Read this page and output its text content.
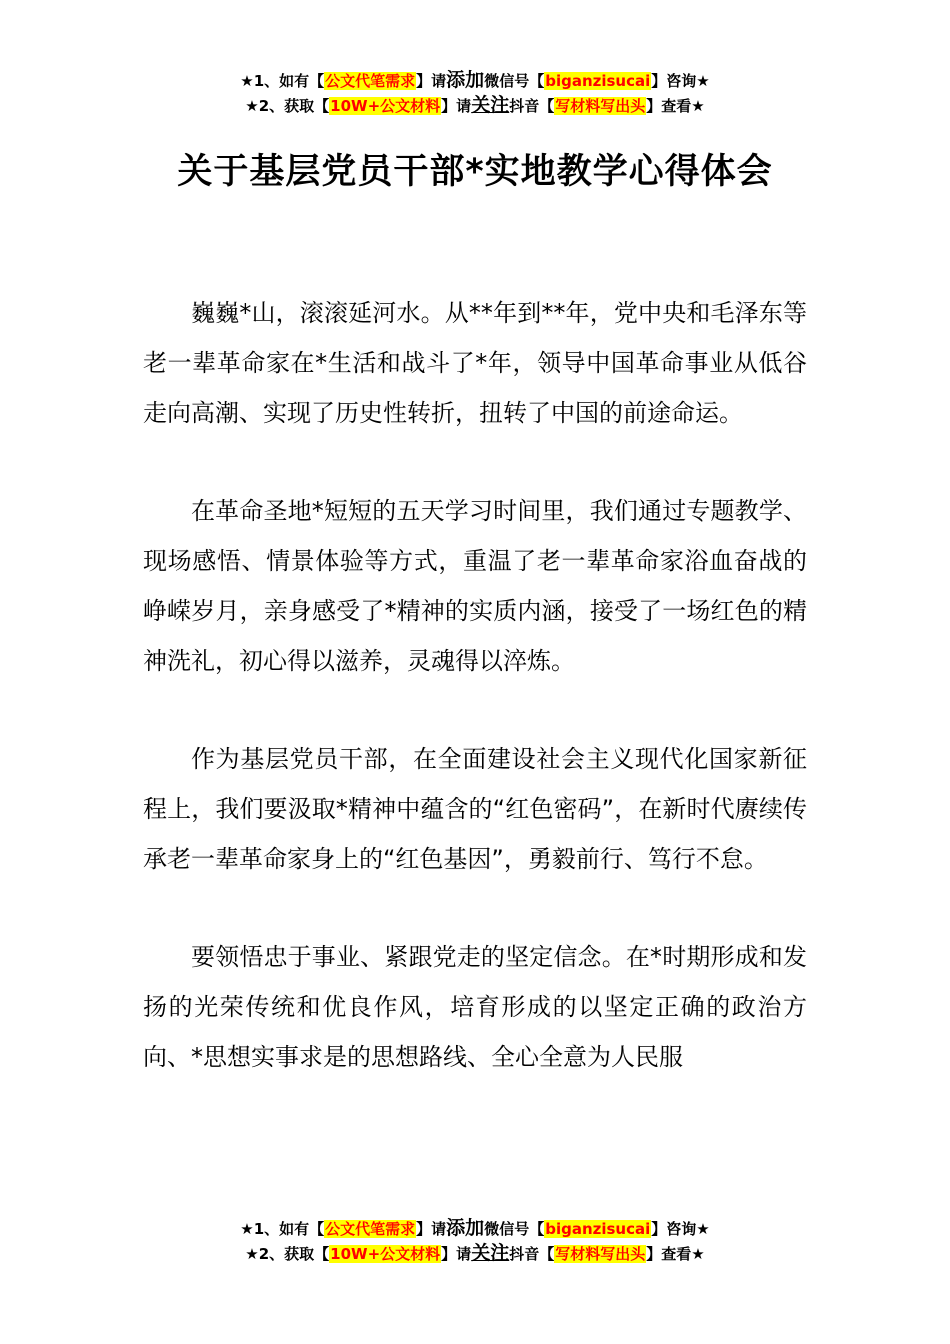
★1、如有【公文代笔需求】请添加微信号【biganzisucai】咨询★
★2、获取【10W+公文材料】请关注抖音【写材料写出头】查看★
关于基层党员干部*实地教学心得体会

巍巍*山，滚滚延河水。从**年到**年，党中央和毛泽东等老一辈革命家在*生活和战斗了*年，领导中国革命事业从低谷走向高潮、实现了历史性转折，扭转了中国的前途命运。

在革命圣地*短短的五天学习时间里，我们通过专题教学、现场感悟、情景体验等方式，重温了老一辈革命家浴血奋战的峥嵘岁月，亲身感受了*精神的实质内涵，接受了一场红色的精神洗礼，初心得以滋养，灵魂得以淬炼。

作为基层党员干部，在全面建设社会主义现代化国家新征程上，我们要汲取*精神中蕴含的“红色密码”，在新时代赓续传承老一辈革命家身上的“红色基因”，勇毅前行、笃行不怠。

要领悟忠于事业、紧跟党走的坚定信念。在*时期形成和发扬的光荣传统和优良作风，培育形成的以坚定正确的政治方向、*思想实事求是的思想路线、全心全意为人民服

★1、如有【公文代笔需求】请添加微信号【biganzisucai】咨询★
★2、获取【10W+公文材料】请关注抖音【写材料写出头】查看★
